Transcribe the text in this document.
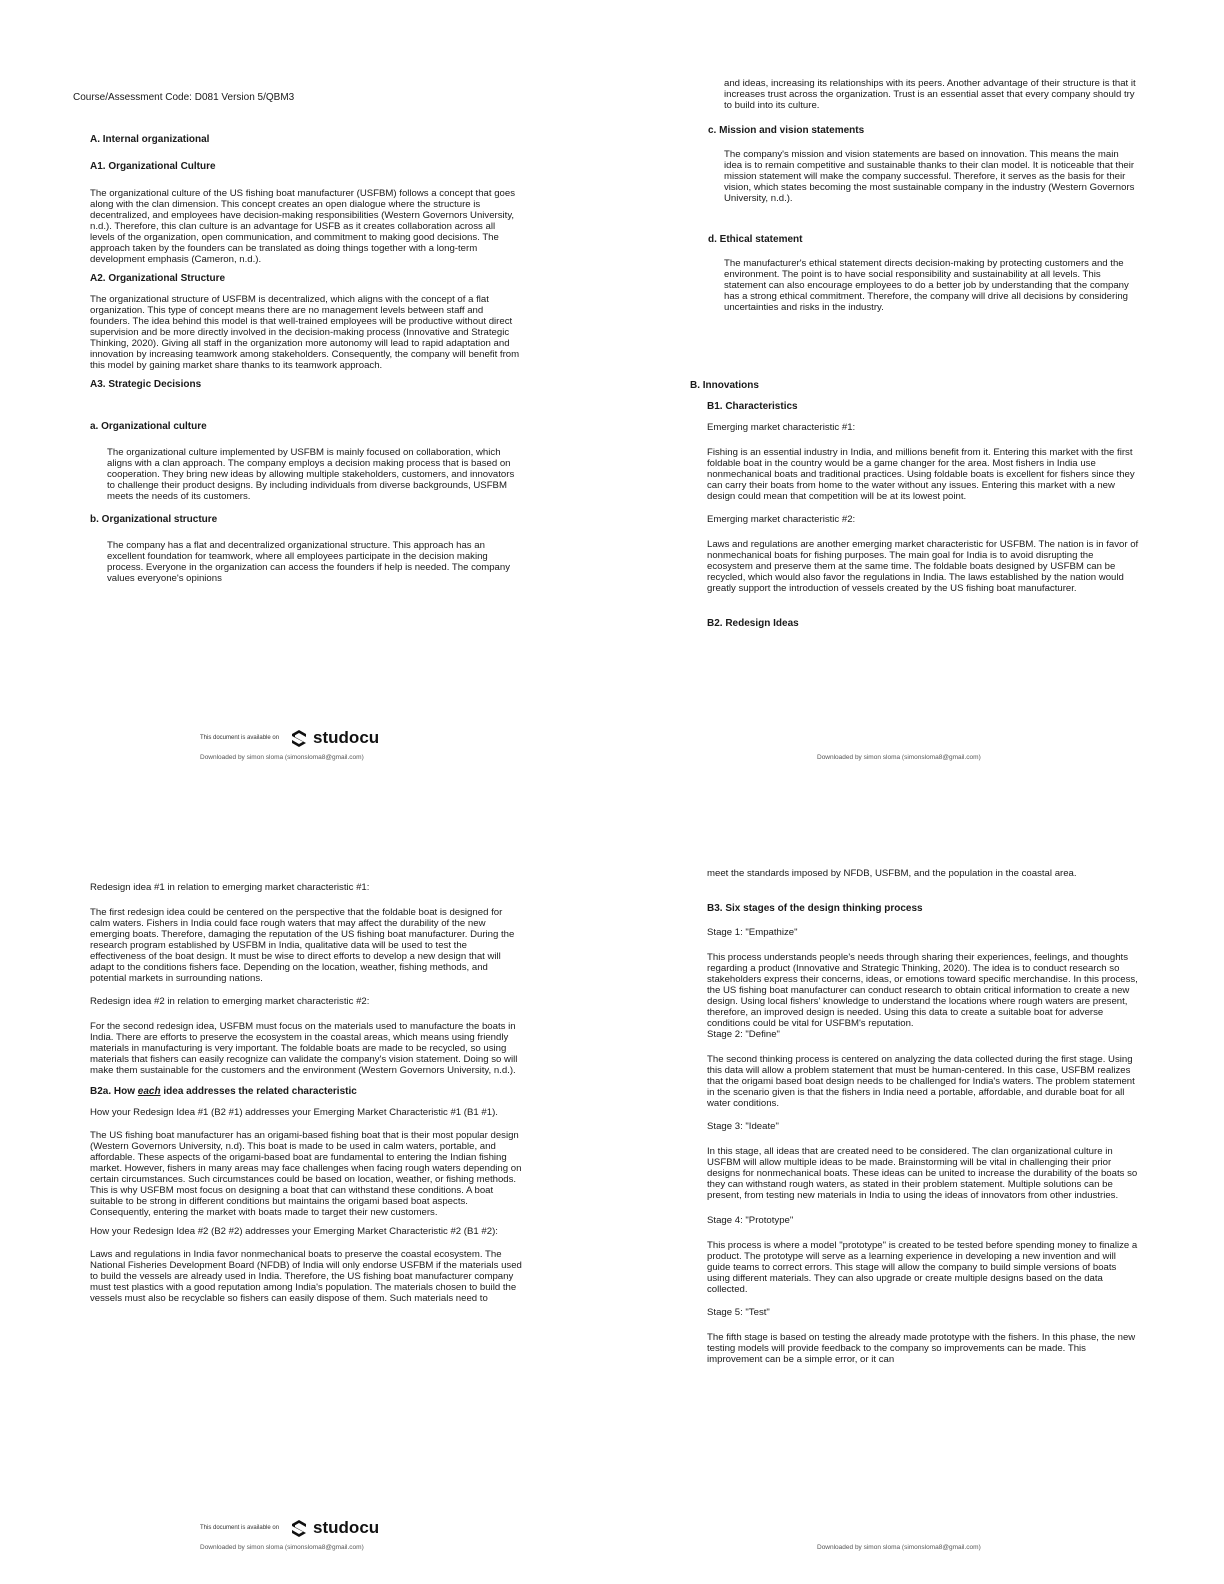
Course/Assessment Code: D081 Version 5/QBM3
A. Internal organizational
A1. Organizational Culture

The organizational culture of the US fishing boat manufacturer (USFBM) follows a concept that goes along with the clan dimension. This concept creates an open dialogue where the structure is decentralized, and employees have decision-making responsibilities (Western Governors University, n.d.). Therefore, this clan culture is an advantage for USFB as it creates collaboration across all levels of the organization, open communication, and commitment to making good decisions. The approach taken by the founders can be translated as doing things together with a long-term development emphasis (Cameron, n.d.).

A2. Organizational Structure

The organizational structure of USFBM is decentralized, which aligns with the concept of a flat organization. This type of concept means there are no management levels between staff and founders. The idea behind this model is that well-trained employees will be productive without direct supervision and be more directly involved in the decision-making process (Innovative and Strategic Thinking, 2020). Giving all staff in the organization more autonomy will lead to rapid adaptation and innovation by increasing teamwork among stakeholders. Consequently, the company will benefit from this model by gaining market share thanks to its teamwork approach.

A3. Strategic Decisions
a. Organizational culture

The organizational culture implemented by USFBM is mainly focused on collaboration, which aligns with a clan approach. The company employs a decision making process that is based on cooperation. They bring new ideas by allowing multiple stakeholders, customers, and innovators to challenge their product designs. By including individuals from diverse backgrounds, USFBM meets the needs of its customers.

b. Organizational structure

The company has a flat and decentralized organizational structure. This approach has an excellent foundation for teamwork, where all employees participate in the decision making process. Everyone in the organization can access the founders if help is needed. The company values everyone's opinions

This document is available on studocu
Downloaded by simon sloma (simonsloma8@gmail.com)

and ideas, increasing its relationships with its peers. Another advantage of their structure is that it increases trust across the organization. Trust is an essential asset that every company should try to build into its culture.

c. Mission and vision statements

The company's mission and vision statements are based on innovation. This means the main idea is to remain competitive and sustainable thanks to their clan model. It is noticeable that their mission statement will make the company successful. Therefore, it serves as the basis for their vision, which states becoming the most sustainable company in the industry (Western Governors University, n.d.).

d. Ethical statement

The manufacturer's ethical statement directs decision-making by protecting customers and the environment. The point is to have social responsibility and sustainability at all levels. This statement can also encourage employees to do a better job by understanding that the company has a strong ethical commitment. Therefore, the company will drive all decisions by considering uncertainties and risks in the industry.

B. Innovations
B1. Characteristics

Emerging market characteristic #1:

Fishing is an essential industry in India, and millions benefit from it. Entering this market with the first foldable boat in the country would be a game changer for the area. Most fishers in India use nonmechanical boats and traditional practices. Using foldable boats is excellent for fishers since they can carry their boats from home to the water without any issues. Entering this market with a new design could mean that competition will be at its lowest point.

Emerging market characteristic #2:

Laws and regulations are another emerging market characteristic for USFBM. The nation is in favor of nonmechanical boats for fishing purposes. The main goal for India is to avoid disrupting the ecosystem and preserve them at the same time. The foldable boats designed by USFBM can be recycled, which would also favor the regulations in India. The laws established by the nation would greatly support the introduction of vessels created by the US fishing boat manufacturer.

B2. Redesign Ideas
Downloaded by simon sloma (simonsloma8@gmail.com)

Redesign idea #1 in relation to emerging market characteristic #1:

The first redesign idea could be centered on the perspective that the foldable boat is designed for calm waters. Fishers in India could face rough waters that may affect the durability of the new emerging boats. Therefore, damaging the reputation of the US fishing boat manufacturer. During the research program established by USFBM in India, qualitative data will be used to test the effectiveness of the boat design. It must be wise to direct efforts to develop a new design that will adapt to the conditions fishers face. Depending on the location, weather, fishing methods, and potential markets in surrounding nations.

Redesign idea #2 in relation to emerging market characteristic #2:

For the second redesign idea, USFBM must focus on the materials used to manufacture the boats in India. There are efforts to preserve the ecosystem in the coastal areas, which means using friendly materials in manufacturing is very important. The foldable boats are made to be recycled, so using materials that fishers can easily recognize can validate the company's vision statement. Doing so will make them sustainable for the customers and the environment (Western Governors University, n.d.).

B2a. How each idea addresses the related characteristic

How your Redesign Idea #1 (B2 #1) addresses your Emerging Market Characteristic #1 (B1 #1).

The US fishing boat manufacturer has an origami-based fishing boat that is their most popular design (Western Governors University, n.d). This boat is made to be used in calm waters, portable, and affordable. These aspects of the origami-based boat are fundamental to entering the Indian fishing market. However, fishers in many areas may face challenges when facing rough waters depending on certain circumstances. Such circumstances could be based on location, weather, or fishing methods. This is why USFBM most focus on designing a boat that can withstand these conditions. A boat suitable to be strong in different conditions but maintains the origami based boat aspects. Consequently, entering the market with boats made to target their new customers.

How your Redesign Idea #2 (B2 #2) addresses your Emerging Market Characteristic #2 (B1 #2):

Laws and regulations in India favor nonmechanical boats to preserve the coastal ecosystem. The National Fisheries Development Board (NFDB) of India will only endorse USFBM if the materials used to build the vessels are already used in India. Therefore, the US fishing boat manufacturer company must test plastics with a good reputation among India's population. The materials chosen to build the vessels must also be recyclable so fishers can easily dispose of them. Such materials need to

This document is available on studocu
Downloaded by simon sloma (simonsloma8@gmail.com)

meet the standards imposed by NFDB, USFBM, and the population in the coastal area.

B3. Six stages of the design thinking process

Stage 1: "Empathize"

This process understands people's needs through sharing their experiences, feelings, and thoughts regarding a product (Innovative and Strategic Thinking, 2020). The idea is to conduct research so stakeholders express their concerns, ideas, or emotions toward specific merchandise. In this process, the US fishing boat manufacturer can conduct research to obtain critical information to create a new design. Using local fishers' knowledge to understand the locations where rough waters are present, therefore, an improved design is needed. Using this data to create a suitable boat for adverse conditions could be vital for USFBM's reputation.

Stage 2: "Define"

The second thinking process is centered on analyzing the data collected during the first stage. Using this data will allow a problem statement that must be human-centered. In this case, USFBM realizes that the origami based boat design needs to be challenged for India's waters. The problem statement in the scenario given is that the fishers in India need a portable, affordable, and durable boat for all water conditions.

Stage 3: "Ideate"

In this stage, all ideas that are created need to be considered. The clan organizational culture in USFBM will allow multiple ideas to be made. Brainstorming will be vital in challenging their prior designs for nonmechanical boats. These ideas can be united to increase the durability of the boats so they can withstand rough waters, as stated in their problem statement. Multiple solutions can be present, from testing new materials in India to using the ideas of innovators from other industries.

Stage 4: "Prototype"

This process is where a model "prototype" is created to be tested before spending money to finalize a product. The prototype will serve as a learning experience in developing a new invention and will guide teams to correct errors. This stage will allow the company to build simple versions of boats using different materials. They can also upgrade or create multiple designs based on the data collected.

Stage 5: "Test"

The fifth stage is based on testing the already made prototype with the fishers. In this phase, the new testing models will provide feedback to the company so improvements can be made. This improvement can be a simple error, or it can

Downloaded by simon sloma (simonsloma8@gmail.com)
